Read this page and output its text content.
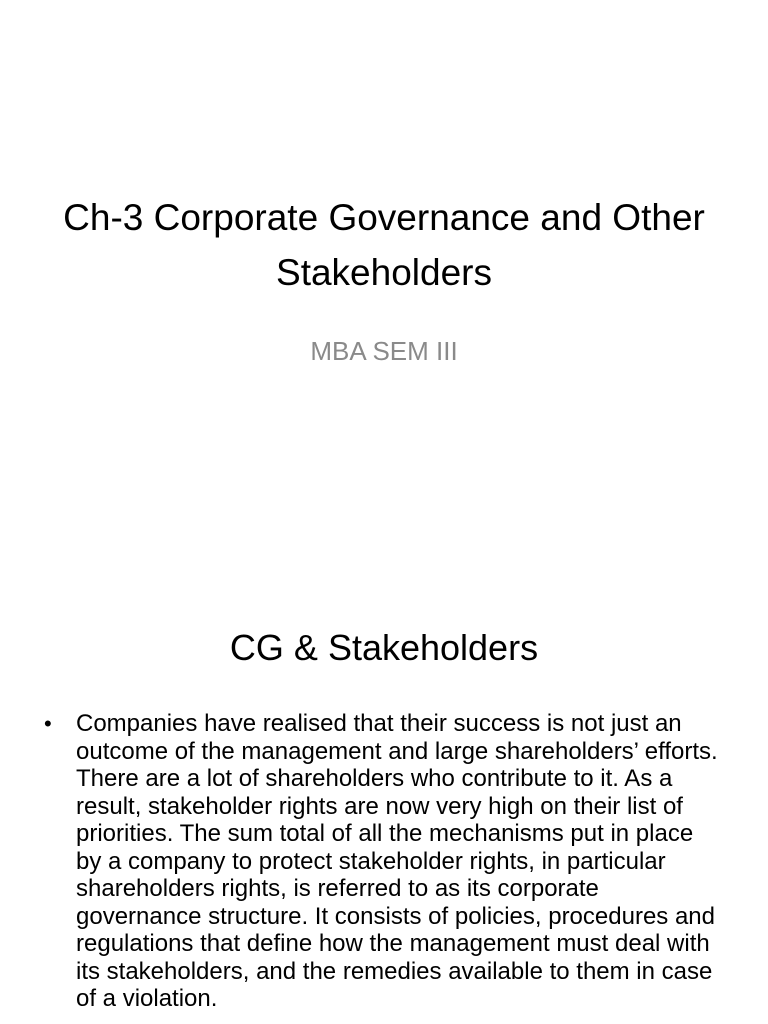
Ch-3 Corporate Governance and Other Stakeholders
MBA SEM III
CG & Stakeholders
• Companies have realised that their success is not just an outcome of the management and large shareholders’ efforts. There are a lot of shareholders who contribute to it. As a result, stakeholder rights are now very high on their list of priorities. The sum total of all the mechanisms put in place by a company to protect stakeholder rights, in particular shareholders rights, is referred to as its corporate governance structure. It consists of policies, procedures and regulations that define how the management must deal with its stakeholders, and the remedies available to them in case of a violation.
